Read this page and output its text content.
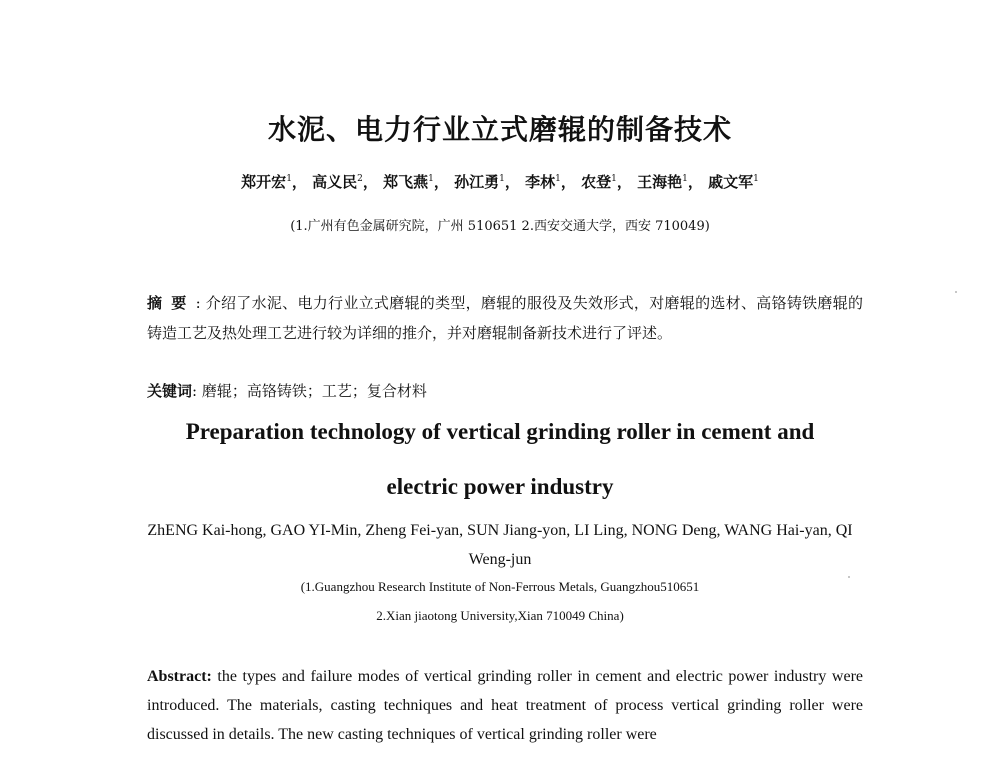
水泥、电力行业立式磨辊的制备技术
郑开宏$^1$， 高义民$^2$， 郑飞燕$^1$， 孙江勇$^1$， 李林$^1$， 农登$^1$， 王海艳$^1$， 戚文军$^1$
(1.广州有色金属研究院，广州 510651 2.西安交通大学，西安 710049)
摘要: 介绍了水泥、电力行业立式磨辊的类型，磨辊的服役及失效形式，对磨辊的选材、高铬铸铁磨辊的铸造工艺及热处理工艺进行较为详细的推介，并对磨辊制备新技术进行了评述。
关键词: 磨辊；高铬铸铁；工艺；复合材料
Preparation technology of vertical grinding roller in cement and
electric power industry
ZhENG Kai-hong, GAO YI-Min, Zheng Fei-yan, SUN Jiang-yon, LI Ling, NONG Deng, WANG Hai-yan, QI Weng-jun
(1.Guangzhou Research Institute of Non-Ferrous Metals, Guangzhou510651
2.Xian jiaotong University,Xian 710049 China)
Abstract: the types and failure modes of vertical grinding roller in cement and electric power industry were introduced. The materials, casting techniques and heat treatment of process vertical grinding roller were discussed in details. The new casting techniques of vertical grinding roller were
